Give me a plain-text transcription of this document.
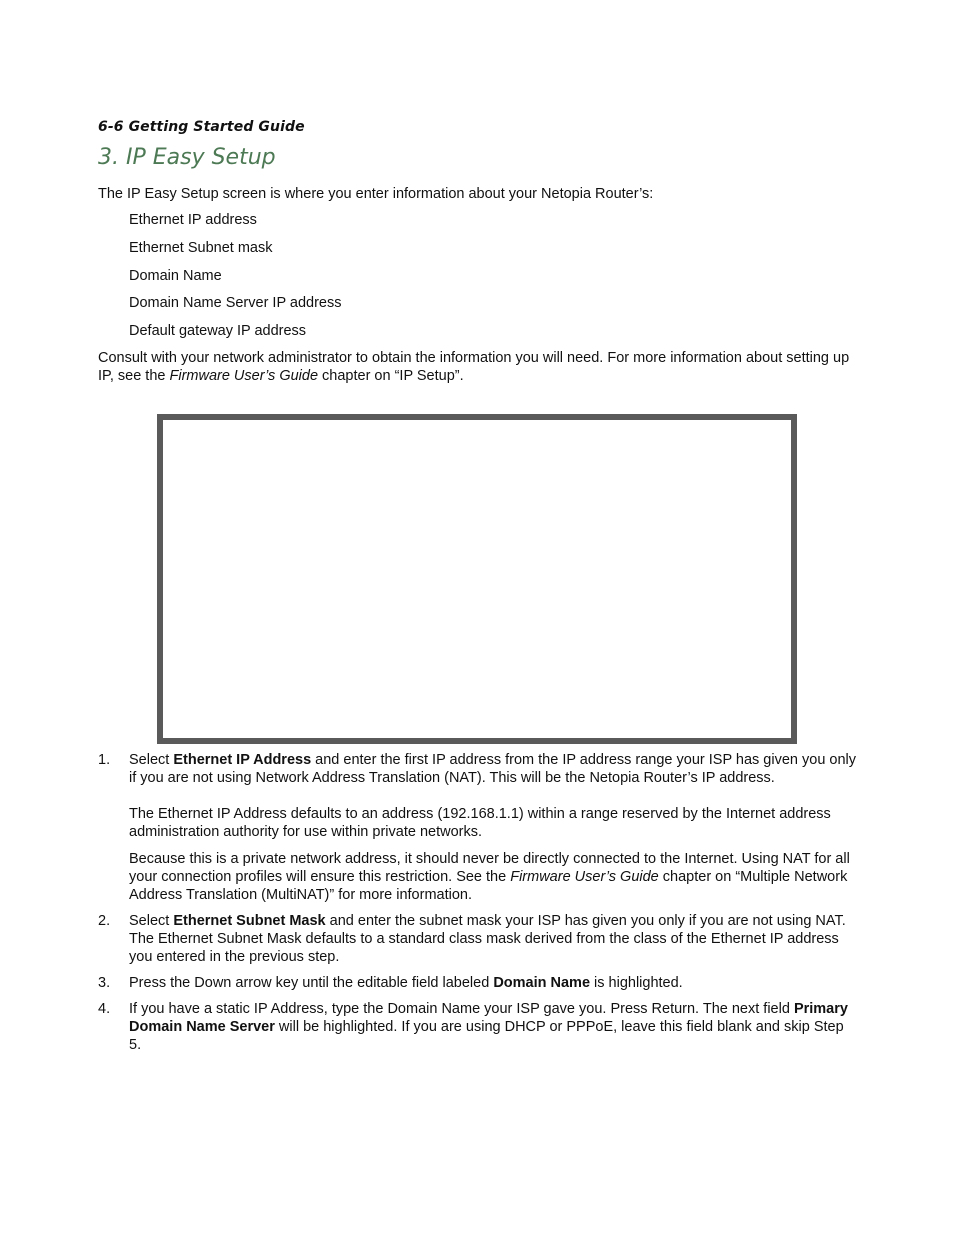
6-6 Getting Started Guide
3. IP Easy Setup

The IP Easy Setup screen is where you enter information about your Netopia Router’s:

Ethernet IP address
Ethernet Subnet mask
Domain Name
Domain Name Server IP address
Default gateway IP address

Consult with your network administrator to obtain the information you will need. For more information about setting up IP, see the Firmware User’s Guide chapter on “IP Setup”.

1. Select Ethernet IP Address and enter the first IP address from the IP address range your ISP has given you only if you are not using Network Address Translation (NAT). This will be the Netopia Router’s IP address.

The Ethernet IP Address defaults to an address (192.168.1.1) within a range reserved by the Internet address administration authority for use within private networks.

Because this is a private network address, it should never be directly connected to the Internet. Using NAT for all your connection profiles will ensure this restriction. See the Firmware User’s Guide chapter on “Multiple Network Address Translation (MultiNAT)” for more information.

2. Select Ethernet Subnet Mask and enter the subnet mask your ISP has given you only if you are not using NAT. The Ethernet Subnet Mask defaults to a standard class mask derived from the class of the Ethernet IP address you entered in the previous step.

3. Press the Down arrow key until the editable field labeled Domain Name is highlighted.

4. If you have a static IP Address, type the Domain Name your ISP gave you. Press Return. The next field Primary Domain Name Server will be highlighted. If you are using DHCP or PPPoE, leave this field blank and skip Step 5.
